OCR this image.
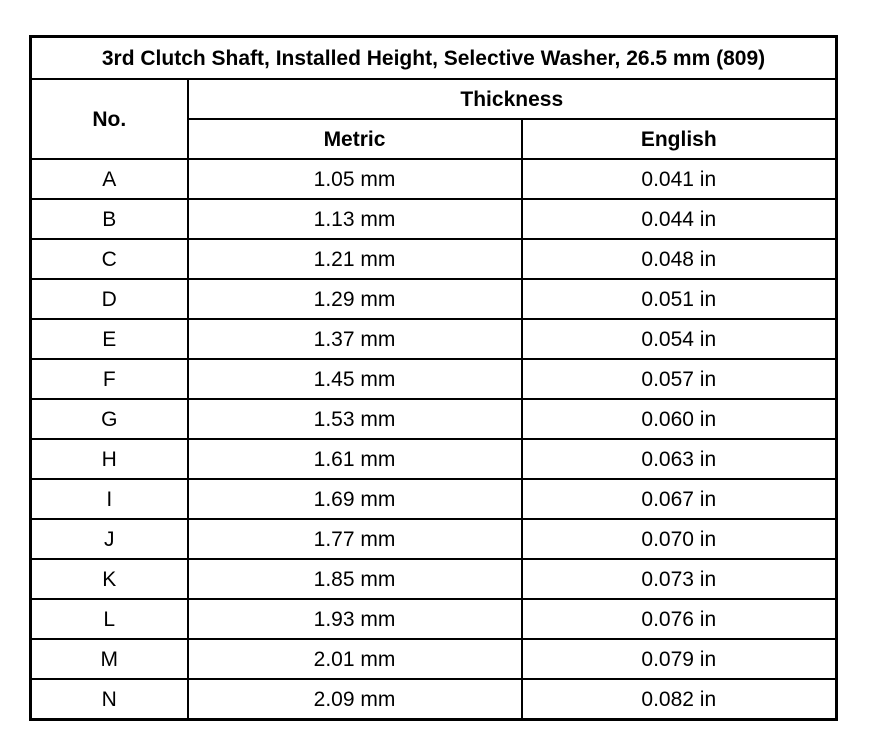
3rd Clutch Shaft, Installed Height, Selective Washer, 26.5 mm (809)		
No.	Thickness	
	Metric	English
A	1.05 mm	0.041 in
B	1.13 mm	0.044 in
C	1.21 mm	0.048 in
D	1.29 mm	0.051 in
E	1.37 mm	0.054 in
F	1.45 mm	0.057 in
G	1.53 mm	0.060 in
H	1.61 mm	0.063 in
I	1.69 mm	0.067 in
J	1.77 mm	0.070 in
K	1.85 mm	0.073 in
L	1.93 mm	0.076 in
M	2.01 mm	0.079 in
N	2.09 mm	0.082 in
